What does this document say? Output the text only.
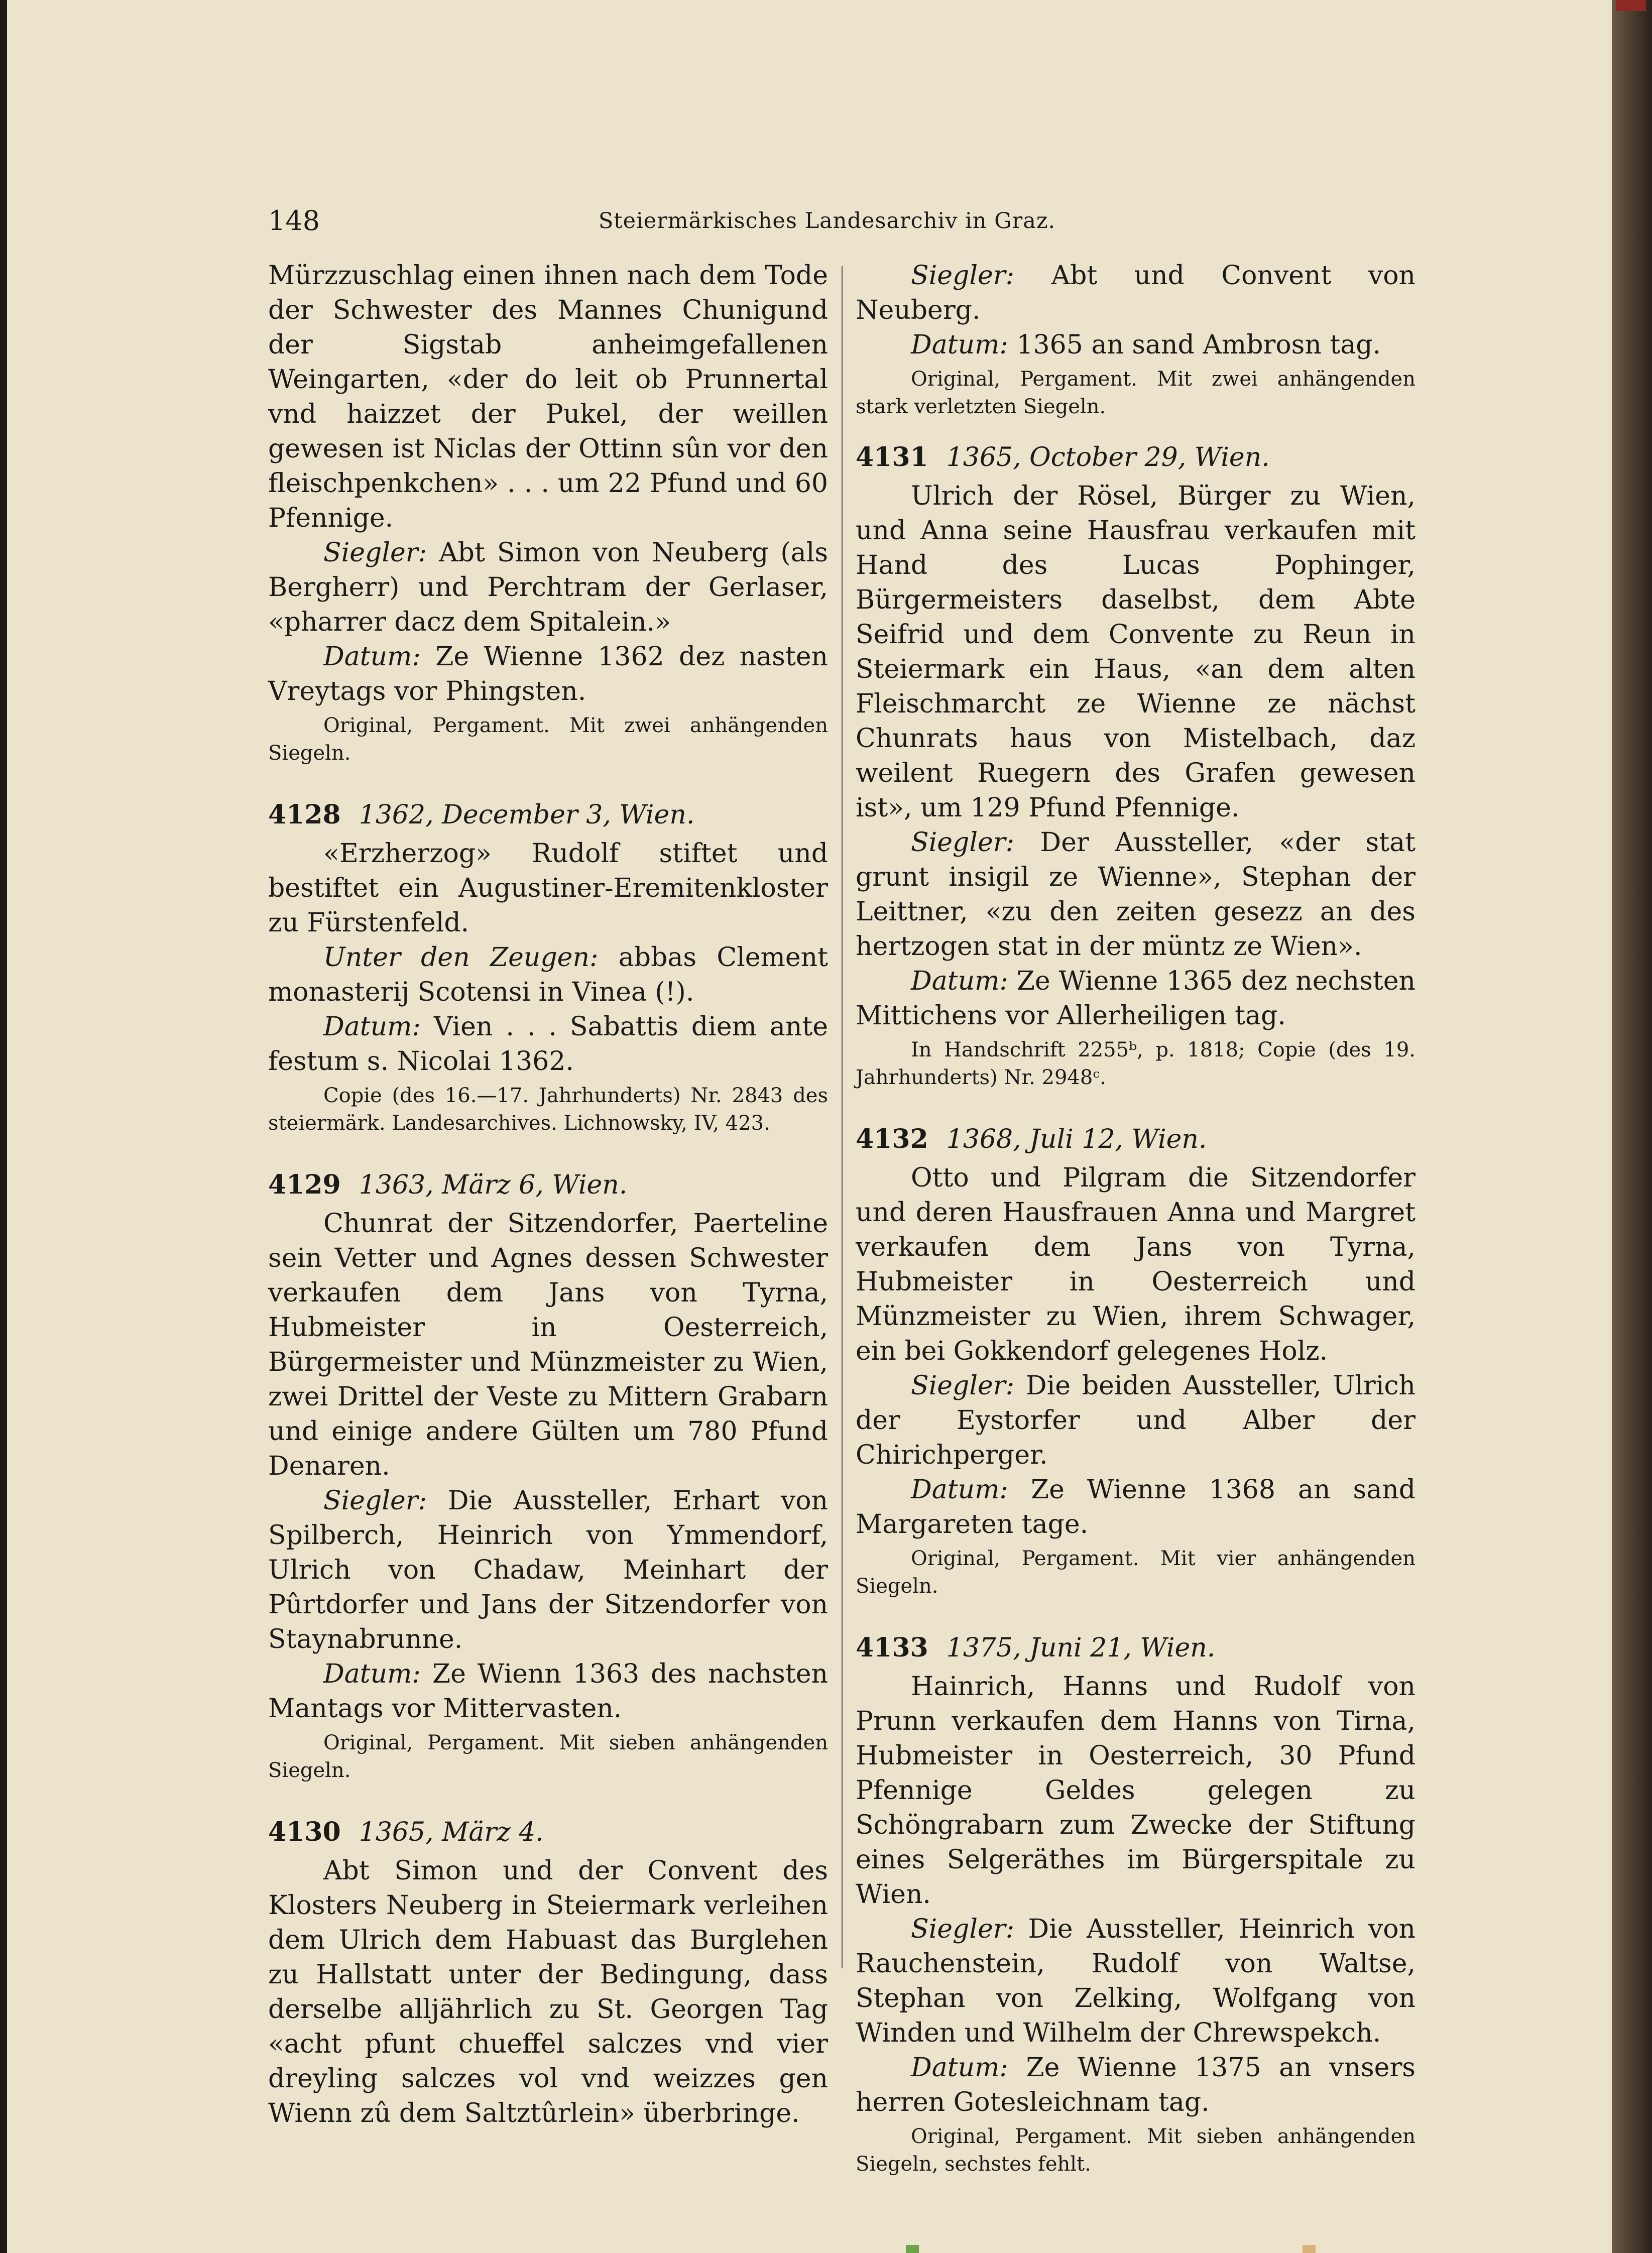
148	Steiermärkisches Landesarchiv in Graz.

Mürzzuschlag einen ihnen nach dem Tode der Schwester des Mannes Chunigund der Sigstab anheimgefallenen Weingarten, «der do leit ob Prunnertal vnd haizzet der Pukel, der weillen gewesen ist Niclas der Ottinn sûn vor den fleischpenkchen» . . . um 22 Pfund und 60 Pfennige.

Siegler: Abt Simon von Neuberg (als Bergherr) und Perchtram der Gerlaser, «pharrer dacz dem Spitalein.»

Datum: Ze Wienne 1362 dez nasten Vreytags vor Phingsten.

Original, Pergament. Mit zwei anhängenden Siegeln.

4128 1362, December 3, Wien.

«Erzherzog» Rudolf stiftet und bestiftet ein Augustiner-Eremitenkloster zu Fürstenfeld.

Unter den Zeugen: abbas Clement monasterij Scotensi in Vinea (!).

Datum: Vien . . . Sabattis diem ante festum s. Nicolai 1362.

Copie (des 16.—17. Jahrhunderts) Nr. 2843 des steiermärk. Landesarchives. Lichnowsky, IV, 423.

4129 1363, März 6, Wien.

Chunrat der Sitzendorfer, Paerteline sein Vetter und Agnes dessen Schwester verkaufen dem Jans von Tyrna, Hubmeister in Oesterreich, Bürgermeister und Münzmeister zu Wien, zwei Drittel der Veste zu Mittern Grabarn und einige andere Gülten um 780 Pfund Denaren.

Siegler: Die Aussteller, Erhart von Spilberch, Heinrich von Ymmendorf, Ulrich von Chadaw, Meinhart der Pûrtdorfer und Jans der Sitzendorfer von Staynabrunne.

Datum: Ze Wienn 1363 des nachsten Mantags vor Mittervasten.

Original, Pergament. Mit sieben anhängenden Siegeln.

4130 1365, März 4.

Abt Simon und der Convent des Klosters Neuberg in Steiermark verleihen dem Ulrich dem Habuast das Burglehen zu Hallstatt unter der Bedingung, dass derselbe alljährlich zu St. Georgen Tag «acht pfunt chueffel salczes vnd vier dreyling salczes vol vnd weizzes gen Wienn zû dem Saltztûrlein» überbringe.

Siegler: Abt und Convent von Neuberg.

Datum: 1365 an sand Ambrosn tag.

Original, Pergament. Mit zwei anhängenden stark verletzten Siegeln.

4131 1365, October 29, Wien.

Ulrich der Rösel, Bürger zu Wien, und Anna seine Hausfrau verkaufen mit Hand des Lucas Pophinger, Bürgermeisters daselbst, dem Abte Seifrid und dem Convente zu Reun in Steiermark ein Haus, «an dem alten Fleischmarcht ze Wienne ze nächst Chunrats haus von Mistelbach, daz weilent Ruegern des Grafen gewesen ist», um 129 Pfund Pfennige.

Siegler: Der Aussteller, «der stat grunt insigil ze Wienne», Stephan der Leittner, «zu den zeiten gesezz an des hertzogen stat in der müntz ze Wien».

Datum: Ze Wienne 1365 dez nechsten Mittichens vor Allerheiligen tag.

In Handschrift 2255ᵇ, p. 1818; Copie (des 19. Jahrhunderts) Nr. 2948ᶜ.

4132 1368, Juli 12, Wien.

Otto und Pilgram die Sitzendorfer und deren Hausfrauen Anna und Margret verkaufen dem Jans von Tyrna, Hubmeister in Oesterreich und Münzmeister zu Wien, ihrem Schwager, ein bei Gokkendorf gelegenes Holz.

Siegler: Die beiden Aussteller, Ulrich der Eystorfer und Alber der Chirichperger.

Datum: Ze Wienne 1368 an sand Margareten tage.

Original, Pergament. Mit vier anhängenden Siegeln.

4133 1375, Juni 21, Wien.

Hainrich, Hanns und Rudolf von Prunn verkaufen dem Hanns von Tirna, Hubmeister in Oesterreich, 30 Pfund Pfennige Geldes gelegen zu Schöngrabarn zum Zwecke der Stiftung eines Selgeräthes im Bürgerspitale zu Wien.

Siegler: Die Aussteller, Heinrich von Rauchenstein, Rudolf von Waltse, Stephan von Zelking, Wolfgang von Winden und Wilhelm der Chrewspekch.

Datum: Ze Wienne 1375 an vnsers herren Gotesleichnam tag.

Original, Pergament. Mit sieben anhängenden Siegeln, sechstes fehlt.
